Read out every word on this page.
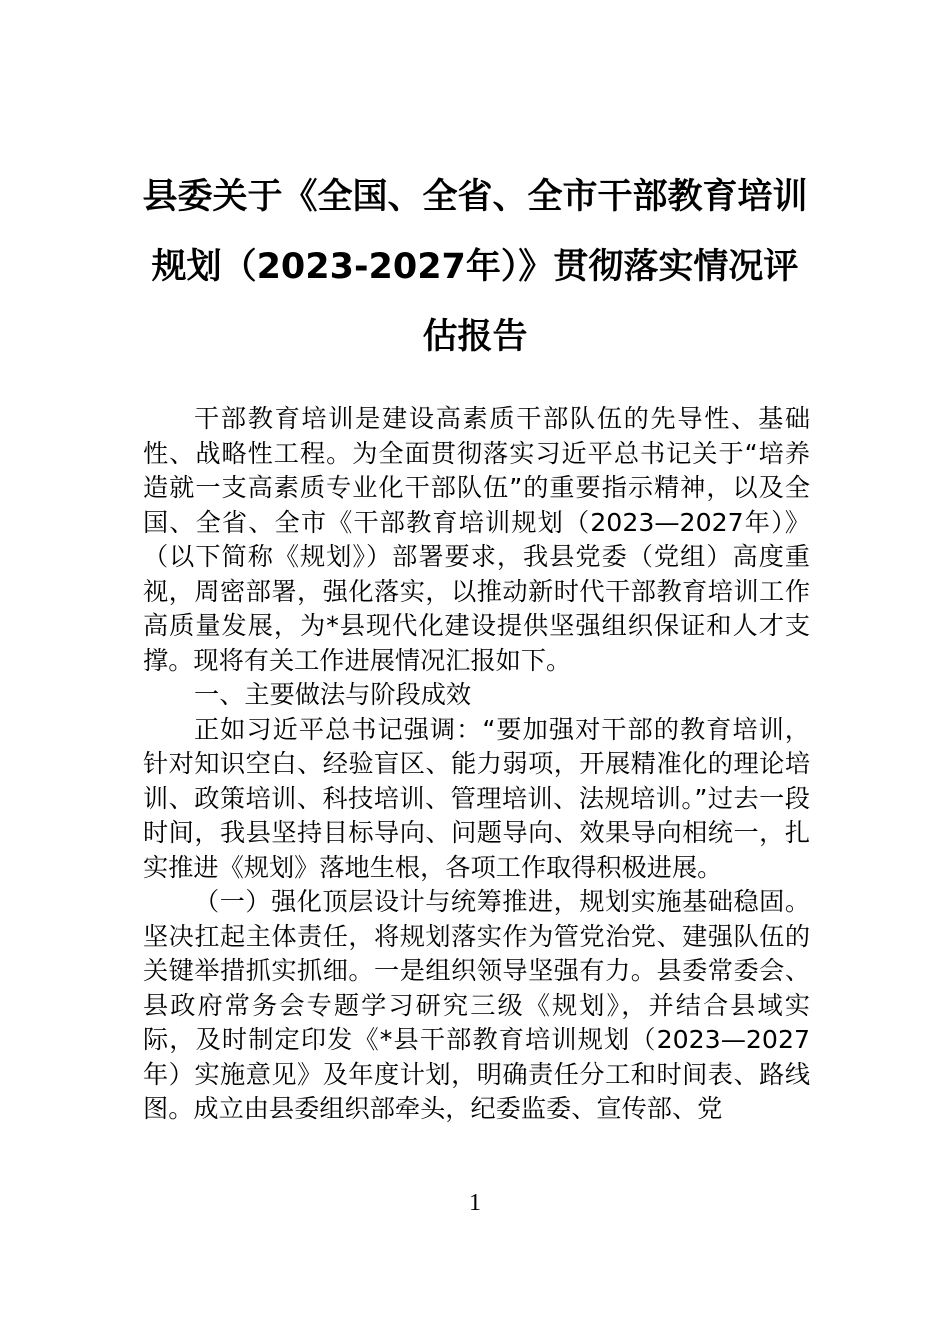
县委关于《全国、全省、全市干部教育培训规划（2023-2027年）》贯彻落实情况评估报告

干部教育培训是建设高素质干部队伍的先导性、基础性、战略性工程。为全面贯彻落实习近平总书记关于“培养造就一支高素质专业化干部队伍”的重要指示精神，以及全国、全省、全市《干部教育培训规划（2023—2027年）》（以下简称《规划》）部署要求，我县党委（党组）高度重视，周密部署，强化落实，以推动新时代干部教育培训工作高质量发展，为*县现代化建设提供坚强组织保证和人才支撑。现将有关工作进展情况汇报如下。

一、主要做法与阶段成效

正如习近平总书记强调：“要加强对干部的教育培训，针对知识空白、经验盲区、能力弱项，开展精准化的理论培训、政策培训、科技培训、管理培训、法规培训。”过去一段时间，我县坚持目标导向、问题导向、效果导向相统一，扎实推进《规划》落地生根，各项工作取得积极进展。

（一）强化顶层设计与统筹推进，规划实施基础稳固。坚决扛起主体责任，将规划落实作为管党治党、建强队伍的关键举措抓实抓细。一是组织领导坚强有力。县委常委会、县政府常务会专题学习研究三级《规划》，并结合县域实际，及时制定印发《*县干部教育培训规划（2023—2027年）实施意见》及年度计划，明确责任分工和时间表、路线图。成立由县委组织部牵头，纪委监委、宣传部、党

1
